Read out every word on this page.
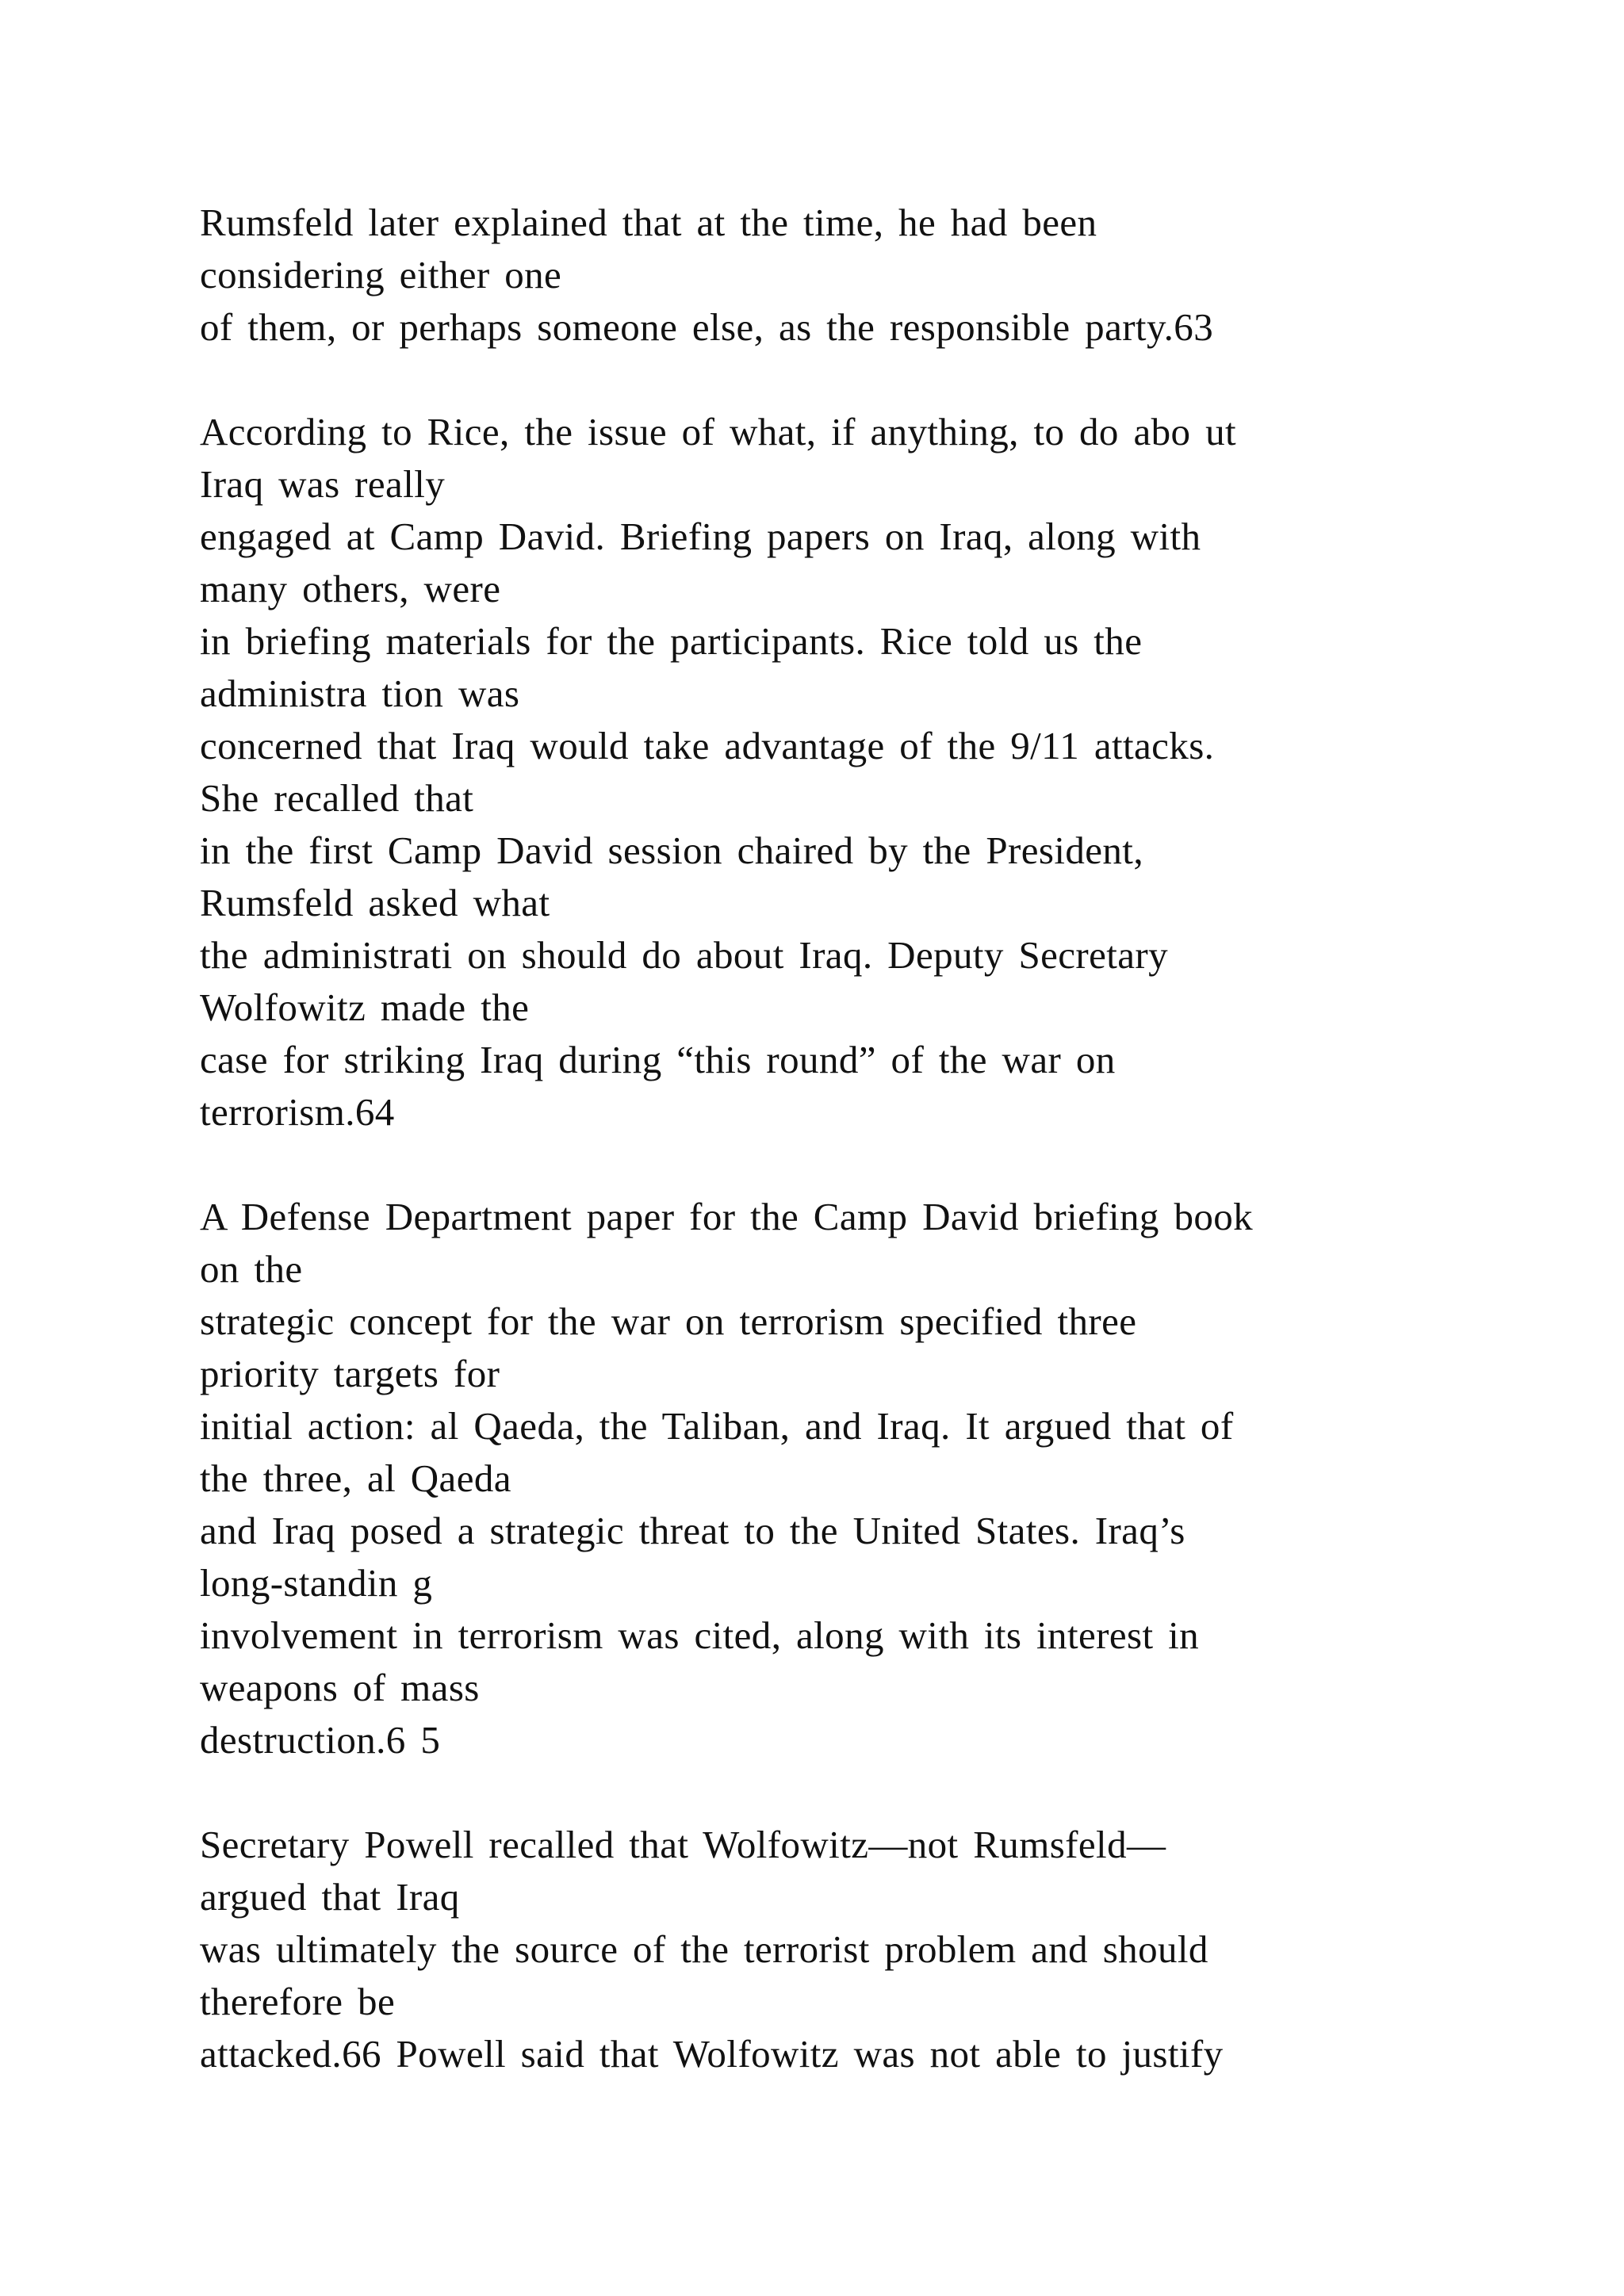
Rumsfeld later explained that at the time, he had been
considering either one
of them, or perhaps someone else, as the responsible party.63

According to Rice, the issue of what, if anything, to do abo ut
Iraq was really
engaged at Camp David. Briefing papers on Iraq, along with
many others, were
in briefing materials for the participants. Rice told us the
administra tion was
concerned that Iraq would take advantage of the 9/11 attacks.
She recalled that
in the first Camp David session chaired by the President,
Rumsfeld asked what
the administrati on should do about Iraq. Deputy Secretary
Wolfowitz made the
case for striking Iraq during “this round” of the war on
terrorism.64

A Defense Department paper for the Camp David briefing book
on the
strategic concept for the war on terrorism specified three
priority targets for
initial action: al Qaeda, the Taliban, and Iraq. It argued that of
the three, al Qaeda
and Iraq posed a strategic threat to the United States. Iraq’s
long-standin g
involvement in terrorism was cited, along with its interest in
weapons of mass
destruction.6 5

Secretary Powell recalled that Wolfowitz—not Rumsfeld—
argued that Iraq
was ultimately the source of the terrorist problem and should
therefore be
attacked.66 Powell said that Wolfowitz was not able to justify
